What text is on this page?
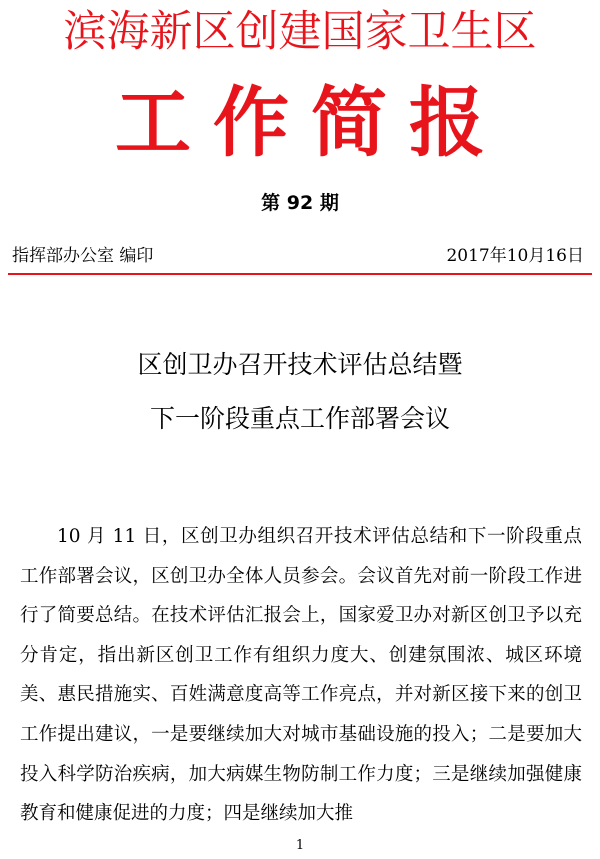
滨海新区创建国家卫生区
工作简报
第 92 期
指挥部办公室 编印	2017年10月16日
区创卫办召开技术评估总结暨
下一阶段重点工作部署会议
10 月 11 日，区创卫办组织召开技术评估总结和下一阶段重点工作部署会议，区创卫办全体人员参会。会议首先对前一阶段工作进行了简要总结。在技术评估汇报会上，国家爱卫办对新区创卫予以充分肯定，指出新区创卫工作有组织力度大、创建氛围浓、城区环境美、惠民措施实、百姓满意度高等工作亮点，并对新区接下来的创卫工作提出建议，一是要继续加大对城市基础设施的投入；二是要加大投入科学防治疾病，加大病媒生物防制工作力度；三是继续加强健康教育和健康促进的力度；四是继续加大推
1
